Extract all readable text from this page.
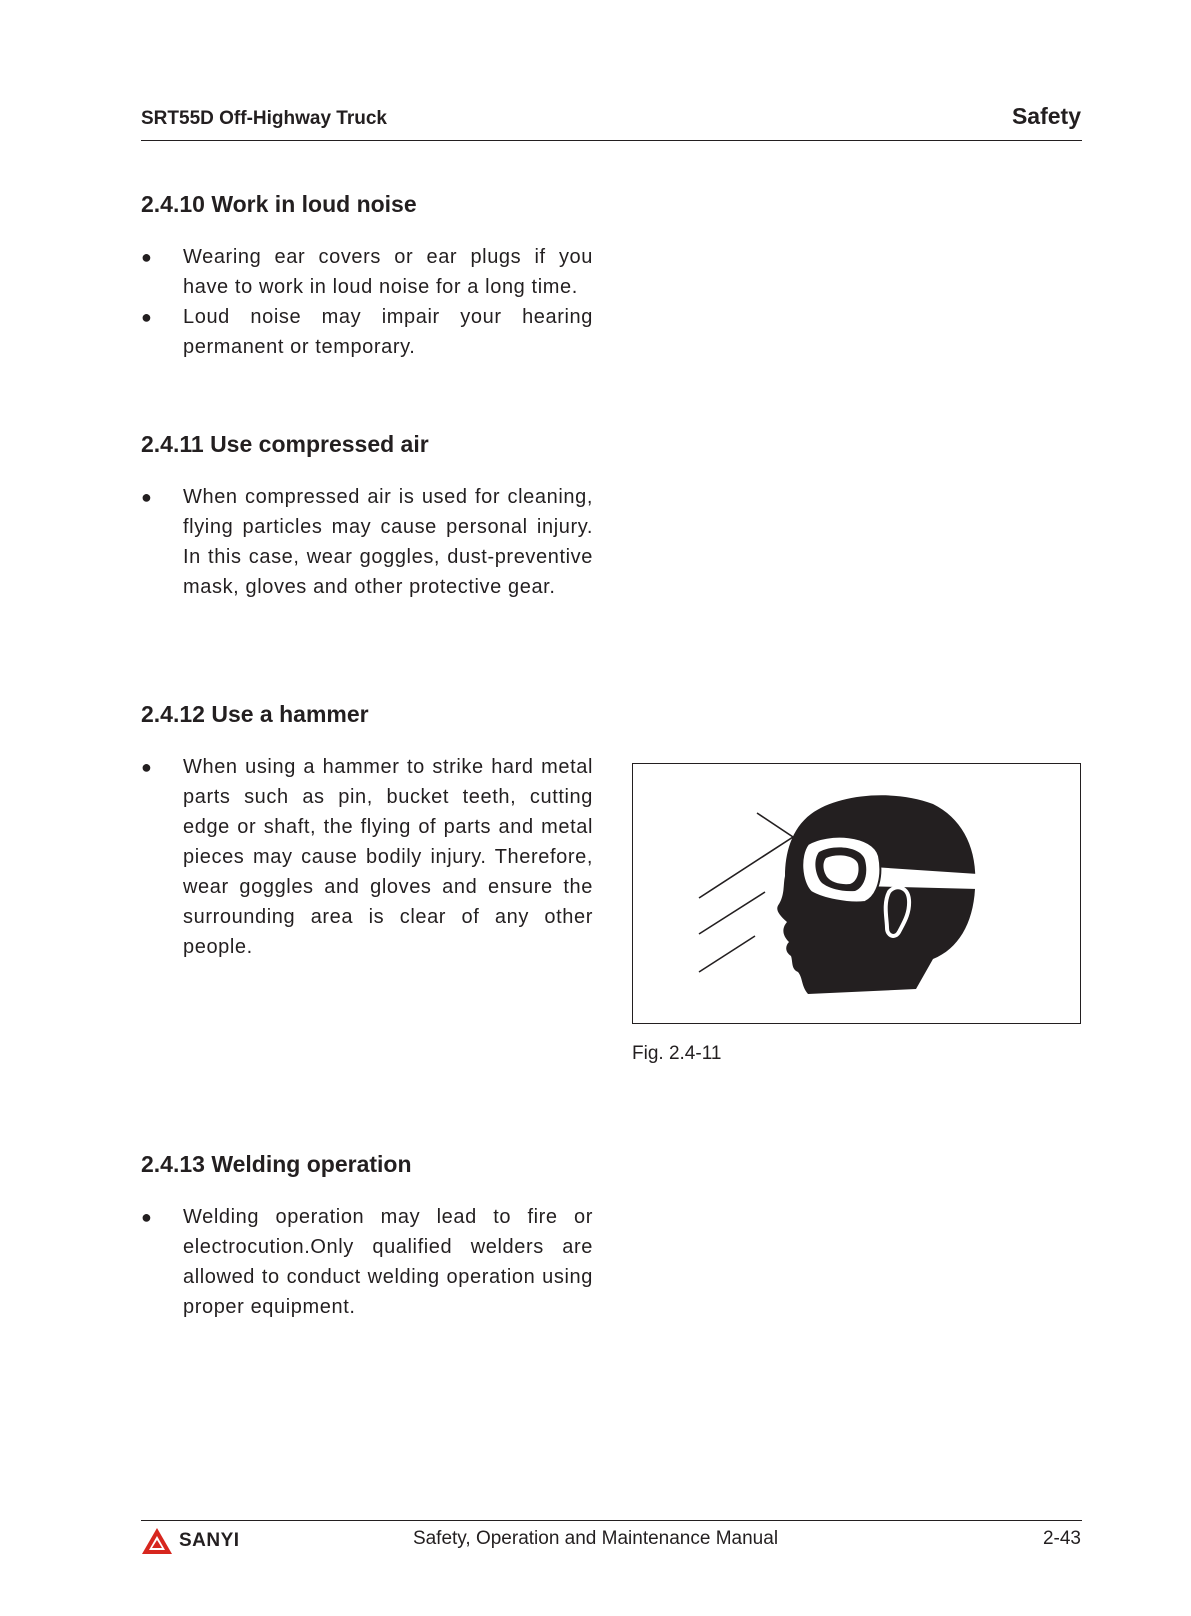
SRT55D Off-Highway Truck	Safety
2.4.10 Work in loud noise
● Wearing ear covers or ear plugs if you have to work in loud noise for a long time.
● Loud noise may impair your hearing permanent or temporary.
2.4.11 Use compressed air
● When compressed air is used for cleaning, flying particles may cause personal injury. In this case, wear goggles, dust-preventive mask, gloves and other protective gear.
2.4.12 Use a hammer
● When using a hammer to strike hard metal parts such as pin, bucket teeth, cutting edge or shaft, the flying of parts and metal pieces may cause bodily injury. Therefore, wear goggles and gloves and ensure the surrounding area is clear of any other people.
2.4.13 Welding operation
● Welding operation may lead to fire or electrocution.Only qualified welders are allowed to conduct welding operation using proper equipment.
Fig. 2.4-11
SANYI	Safety, Operation and Maintenance Manual	2-43
